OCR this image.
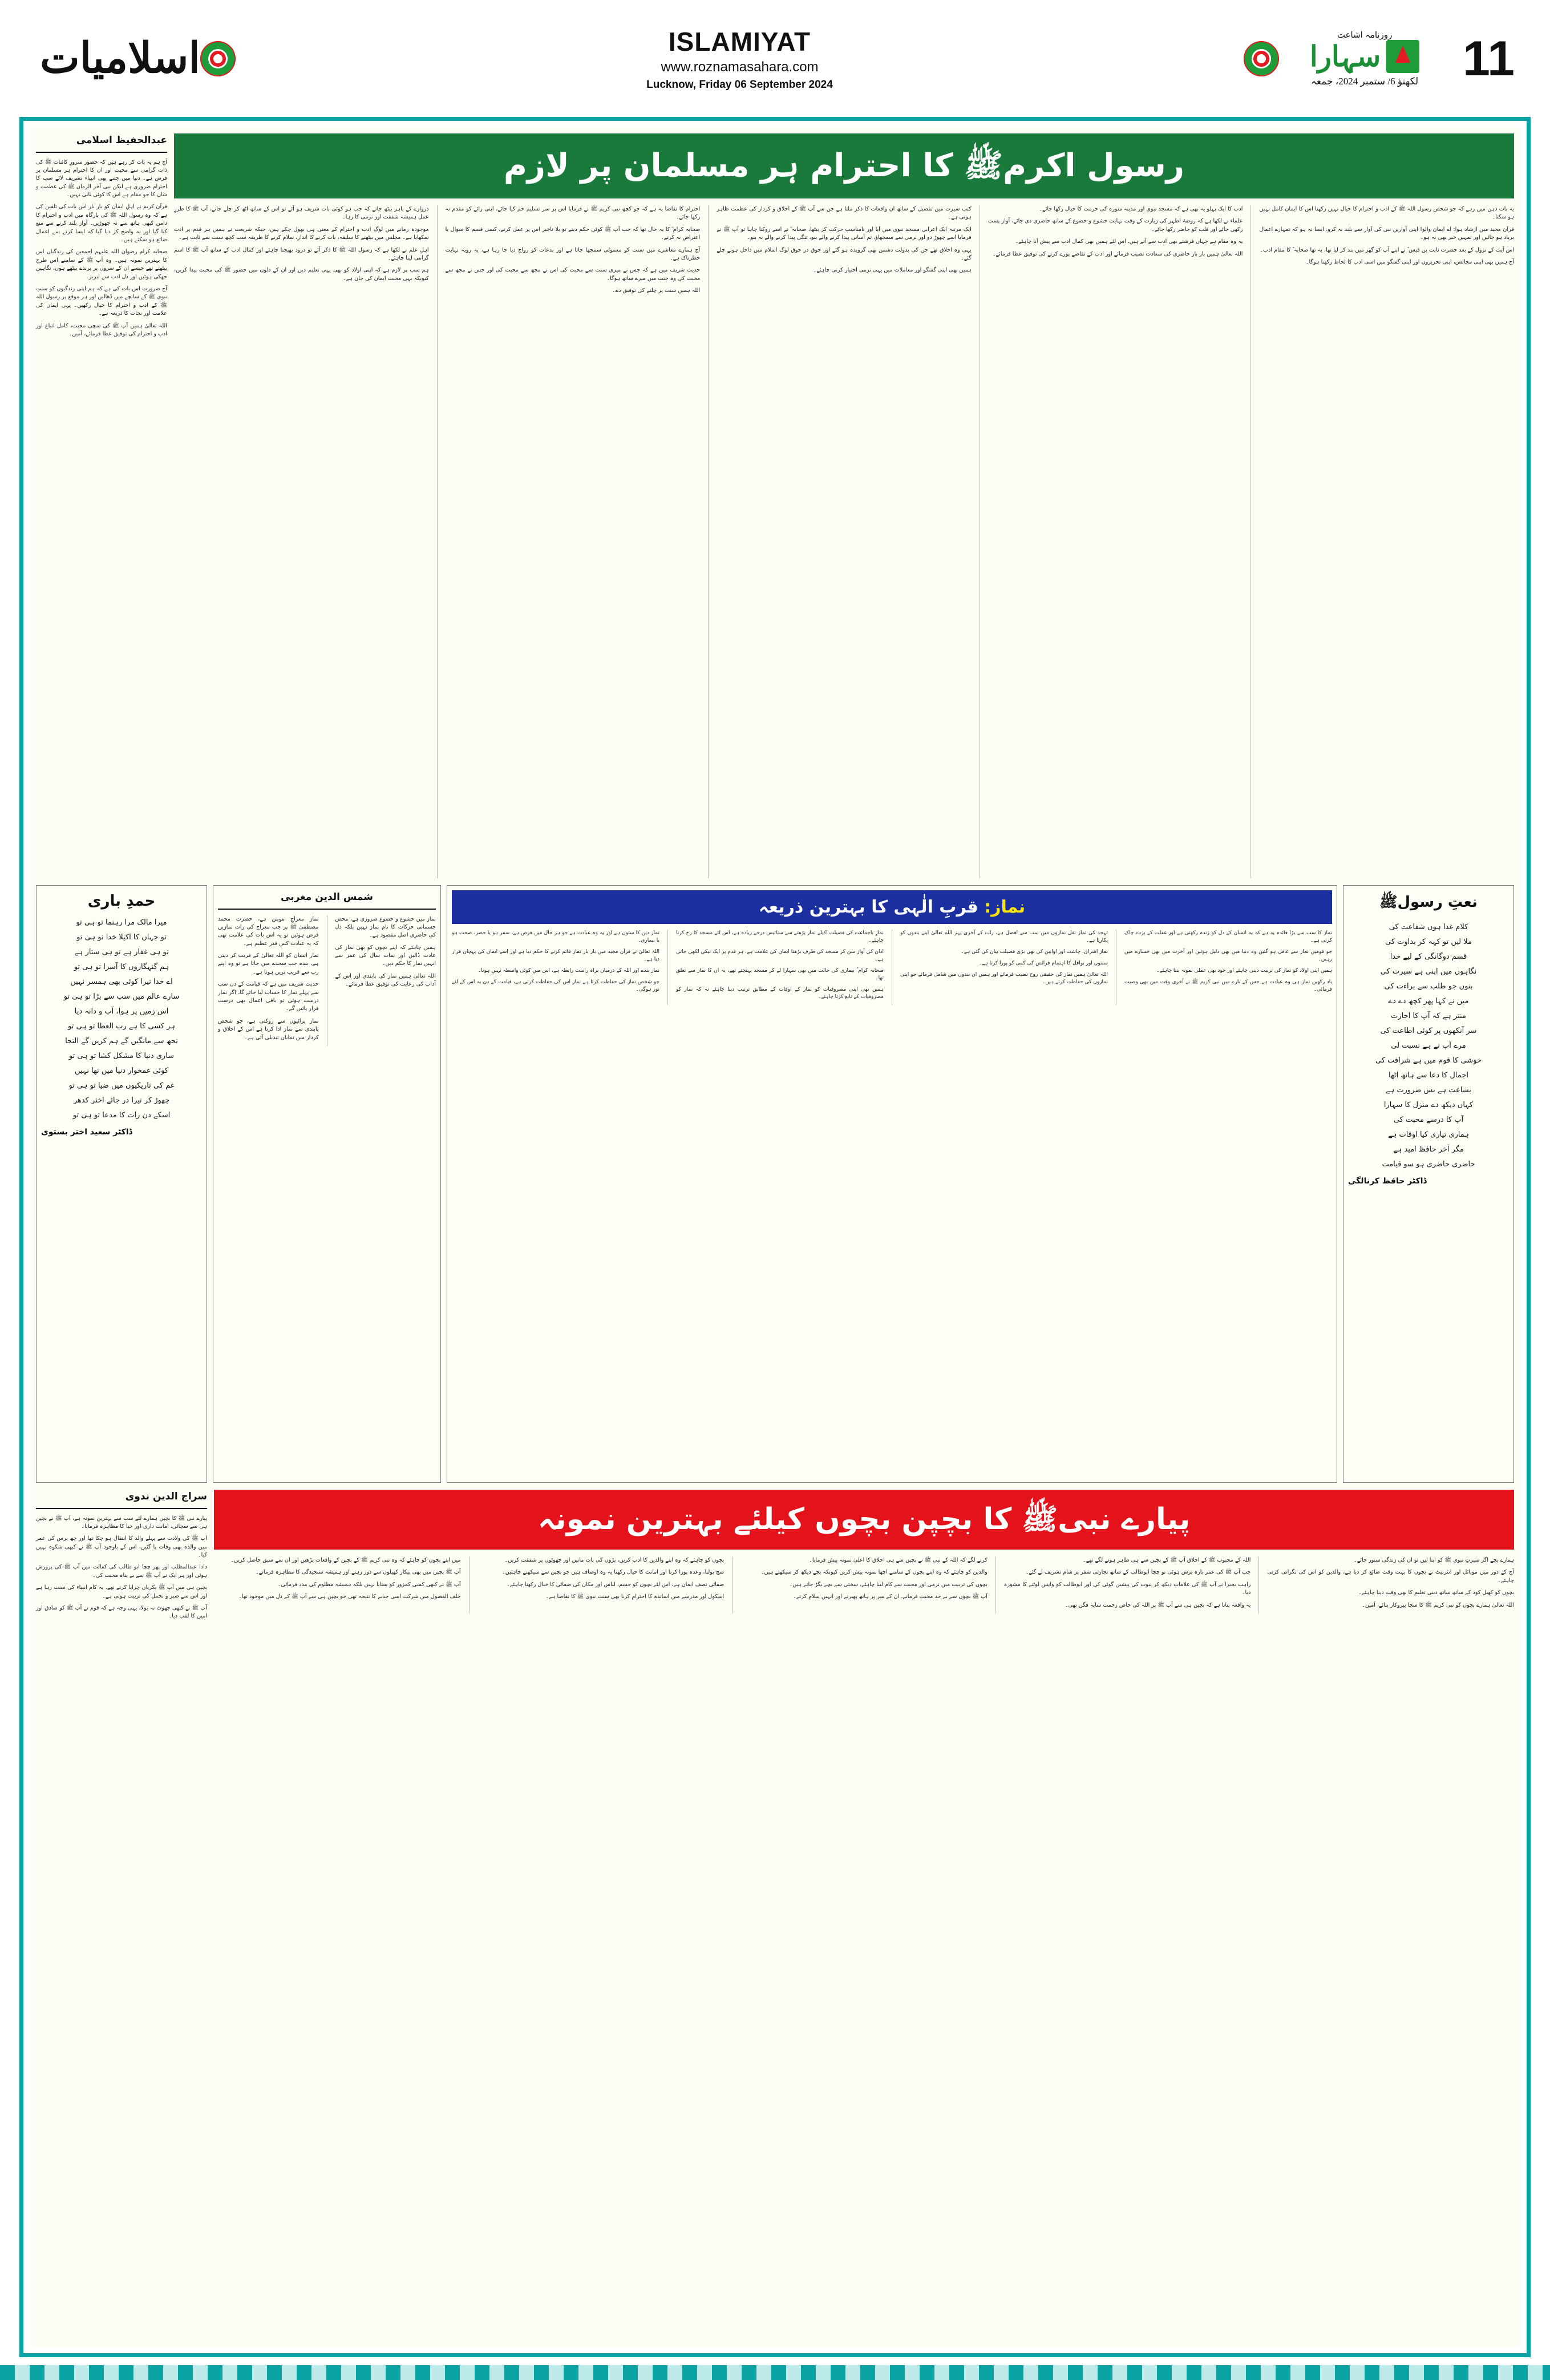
11
روزنامہ اشاعت
سہارا
لکھنؤ 6/ ستمبر 2024، جمعہ
ISLAMIYAT
www.roznamasahara.com
Lucknow, Friday 06 September 2024
اسلامیات
عبدالحفیظ اسلامی

آج ہم یہ بات کر رہے ہیں کہ حضور سرورِ کائنات ﷺ کی ذات گرامی سے محبت اور ان کا احترام ہر مسلمان پر فرض ہے۔ دنیا میں جتنے بھی انبیاء تشریف لائے سب کا احترام ضروری ہے لیکن نبی آخر الزماں ﷺ کی عظمت و شان کا جو مقام ہے اس کا کوئی ثانی نہیں۔

قرآن کریم نے اہلِ ایمان کو بار بار اس بات کی تلقین کی ہے کہ وہ رسول اللہ ﷺ کی بارگاہ میں ادب و احترام کا دامن کبھی ہاتھ سے نہ چھوڑیں۔ آواز بلند کرنے سے منع کیا گیا اور یہ واضح کر دیا گیا کہ ایسا کرنے سے اعمال ضائع ہو سکتے ہیں۔

صحابہ کرام رضوان اللہ علیہم اجمعین کی زندگیاں اس کا بہترین نمونہ ہیں۔ وہ آپ ﷺ کے سامنے اس طرح بیٹھتے تھے جیسے ان کے سروں پر پرندے بیٹھے ہوں، نگاہیں جھکی ہوئیں اور دل ادب سے لبریز۔

آج ضرورت اس بات کی ہے کہ ہم اپنی زندگیوں کو سنتِ نبوی ﷺ کے سانچے میں ڈھالیں اور ہر موقع پر رسول اللہ ﷺ کے ادب و احترام کا خیال رکھیں۔ یہی ایمان کی علامت اور نجات کا ذریعہ ہے۔

اللہ تعالیٰ ہمیں آپ ﷺ کی سچی محبت، کامل اتباع اور ادب و احترام کی توفیق عطا فرمائے، آمین۔

رسول اکرمﷺ کا احترام ہر مسلمان پر لازم

دروازے کے باہر بیٹھ جاتے کہ جب ہو کوئی بات شریف ہو آئے تو اس کے ساتھ اٹھ کر چلے جاتے، آپ ﷺ کا طرزِ عمل ہمیشہ شفقت اور نرمی کا رہا۔

موجودہ زمانے میں لوگ ادب و احترام کے معنی ہی بھول چکے ہیں، جبکہ شریعت نے ہمیں ہر قدم پر ادب سکھایا ہے۔ مجلس میں بیٹھنے کا سلیقہ، بات کرنے کا انداز، سلام کرنے کا طریقہ سب کچھ سنت سے ثابت ہے۔

اہلِ علم نے لکھا ہے کہ رسول اللہ ﷺ کا ذکر آئے تو درود بھیجنا چاہئے اور کمال ادب کے ساتھ آپ ﷺ کا اسم گرامی لینا چاہئے۔

ہم سب پر لازم ہے کہ اپنی اولاد کو بھی یہی تعلیم دیں اور ان کے دلوں میں حضور ﷺ کی محبت پیدا کریں، کیونکہ یہی محبت ایمان کی جان ہے۔

احترام کا تقاضا یہ ہے کہ جو کچھ نبی کریم ﷺ نے فرمایا اس پر سر تسلیم خم کیا جائے، اپنی رائے کو مقدم نہ رکھا جائے۔

صحابہ کرام ؓ کا یہ حال تھا کہ جب آپ ﷺ کوئی حکم دیتے تو بلا تاخیر اس پر عمل کرتے، کسی قسم کا سوال یا اعتراض نہ کرتے۔

آج ہمارے معاشرے میں سنت کو معمولی سمجھا جاتا ہے اور بدعات کو رواج دیا جا رہا ہے، یہ رویہ نہایت خطرناک ہے۔

حدیث شریف میں ہے کہ جس نے میری سنت سے محبت کی اس نے مجھ سے محبت کی اور جس نے مجھ سے محبت کی وہ جنت میں میرے ساتھ ہوگا۔

اللہ ہمیں سنت پر چلنے کی توفیق دے۔

کتب سیرت میں تفصیل کے ساتھ ان واقعات کا ذکر ملتا ہے جن سے آپ ﷺ کے اخلاق و کردار کی عظمت ظاہر ہوتی ہے۔

ایک مرتبہ ایک اعرابی مسجد نبوی میں آیا اور نامناسب حرکت کر بیٹھا، صحابہ ؓ نے اسے روکنا چاہا تو آپ ﷺ نے فرمایا اسے چھوڑ دو اور نرمی سے سمجھاؤ، تم آسانی پیدا کرنے والے بنو، تنگی پیدا کرنے والے نہ بنو۔

یہی وہ اخلاق تھے جن کی بدولت دشمن بھی گرویدہ ہو گئے اور جوق در جوق لوگ اسلام میں داخل ہوتے چلے گئے۔

ہمیں بھی اپنی گفتگو اور معاملات میں یہی نرمی اختیار کرنی چاہئے۔

ادب کا ایک پہلو یہ بھی ہے کہ مسجد نبوی اور مدینہ منورہ کی حرمت کا خیال رکھا جائے۔

علماء نے لکھا ہے کہ روضۂ اطہر کی زیارت کے وقت نہایت خشوع و خضوع کے ساتھ حاضری دی جائے، آواز پست رکھی جائے اور قلب کو حاضر رکھا جائے۔

یہ وہ مقام ہے جہاں فرشتے بھی ادب سے آتے ہیں، اس لئے ہمیں بھی کمال ادب سے پیش آنا چاہئے۔

اللہ تعالیٰ ہمیں بار بار حاضری کی سعادت نصیب فرمائے اور ادب کے تقاضے پورے کرنے کی توفیق عطا فرمائے۔

یہ بات ذہن میں رہے کہ جو شخص رسول اللہ ﷺ کے ادب و احترام کا خیال نہیں رکھتا اس کا ایمان کامل نہیں ہو سکتا۔

قرآن مجید میں ارشاد ہوا: اے ایمان والو! اپنی آوازیں نبی کی آواز سے بلند نہ کرو، ایسا نہ ہو کہ تمہارے اعمال برباد ہو جائیں اور تمہیں خبر بھی نہ ہو۔

اس آیت کے نزول کے بعد حضرت ثابت بن قیس ؓ نے اپنے آپ کو گھر میں بند کر لیا تھا، یہ تھا صحابہ ؓ کا مقام ادب۔

آج ہمیں بھی اپنی مجالس، اپنی تحریروں اور اپنی گفتگو میں اسی ادب کا لحاظ رکھنا ہوگا۔

حمدِ باری
میرا مالک مرا رہنما تو ہی تو
تو جہاں کا اکیلا خدا تو ہی تو
تو ہی غفار ہے تو ہی ستار ہے
ہم گنہگاروں کا آسرا تو ہی تو
اے خدا تیرا کوئی بھی ہمسر نہیں
سارے عالم میں سب سے بڑا تو ہی تو
اس زمیں پر ہوا، آب و دانہ دیا
ہر کسی کا ہے رب العطا تو ہی تو
تجھ سے مانگیں گے ہم کریں گے التجا
ساری دنیا کا مشکل کشا تو ہی تو
کوئی غمخوار دنیا میں تھا نہیں
غم کی تاریکیوں میں ضیا تو ہی تو
چھوڑ کر تیرا در جائے اختر کدھر
اسکے دن رات کا مدعا تو ہی تو
ڈاکٹر سعید اختر بستوی
شمس الدین مغربی

نماز معراجِ مومن ہے، حضرت محمد مصطفیٰ ﷺ پر جب معراج کی رات نمازیں فرض ہوئیں تو یہ اس بات کی علامت تھی کہ یہ عبادت کس قدر عظیم ہے۔

نماز انسان کو اللہ تعالیٰ کے قریب کر دیتی ہے، بندہ جب سجدے میں جاتا ہے تو وہ اپنے رب سے قریب ترین ہوتا ہے۔

حدیث شریف میں ہے کہ قیامت کے دن سب سے پہلے نماز کا حساب لیا جائے گا، اگر نماز درست ہوئی تو باقی اعمال بھی درست قرار پائیں گے۔

نماز برائیوں سے روکتی ہے، جو شخص پابندی سے نماز ادا کرتا ہے اس کے اخلاق و کردار میں نمایاں تبدیلی آتی ہے۔

نماز میں خشوع و خضوع ضروری ہے، محض جسمانی حرکات کا نام نماز نہیں بلکہ دل کی حاضری اصل مقصود ہے۔

ہمیں چاہئے کہ اپنے بچوں کو بھی نماز کی عادت ڈالیں اور سات سال کی عمر سے انہیں نماز کا حکم دیں۔

اللہ تعالیٰ ہمیں نماز کی پابندی اور اس کے آداب کی رعایت کی توفیق عطا فرمائے۔

نماز: قربِ الٰہی کا بہترین ذریعہ

نماز دین کا ستون ہے اور یہ وہ عبادت ہے جو ہر حال میں فرض ہے، سفر ہو یا حضر، صحت ہو یا بیماری۔

اللہ تعالیٰ نے قرآن مجید میں بار بار نماز قائم کرنے کا حکم دیا ہے اور اسے ایمان کی پہچان قرار دیا ہے۔

نماز بندے اور اللہ کے درمیان براہ راست رابطہ ہے، اس میں کوئی واسطہ نہیں ہوتا۔

جو شخص نماز کی حفاظت کرتا ہے نماز اس کی حفاظت کرتی ہے، قیامت کے دن یہ اس کے لئے نور ہوگی۔

نمازِ باجماعت کی فضیلت اکیلے نماز پڑھنے سے ستائیس درجے زیادہ ہے، اس لئے مسجد کا رخ کرنا چاہئے۔

اذان کی آواز سن کر مسجد کی طرف بڑھنا ایمان کی علامت ہے، ہر قدم پر ایک نیکی لکھی جاتی ہے۔

صحابہ کرام ؓ بیماری کی حالت میں بھی سہارا لے کر مسجد پہنچتے تھے، یہ ان کا نماز سے تعلق تھا۔

ہمیں بھی اپنی مصروفیات کو نماز کے اوقات کے مطابق ترتیب دینا چاہئے نہ کہ نماز کو مصروفیات کے تابع کرنا چاہئے۔

تہجد کی نماز نفل نمازوں میں سب سے افضل ہے، رات کے آخری پہر اللہ تعالیٰ اپنے بندوں کو پکارتا ہے۔

نماز اشراق، چاشت اور اوابین کی بھی بڑی فضیلت بیان کی گئی ہے۔

سنتوں اور نوافل کا اہتمام فرائض کی کمی کو پورا کرتا ہے۔

اللہ تعالیٰ ہمیں نماز کی حقیقی روح نصیب فرمائے اور ہمیں ان بندوں میں شامل فرمائے جو اپنی نمازوں کی حفاظت کرتے ہیں۔

نماز کا سب سے بڑا فائدہ یہ ہے کہ یہ انسان کے دل کو زندہ رکھتی ہے اور غفلت کے پردے چاک کرتی ہے۔

جو قومیں نماز سے غافل ہو گئیں وہ دنیا میں بھی ذلیل ہوئیں اور آخرت میں بھی خسارے میں رہیں۔

ہمیں اپنی اولاد کو نماز کی تربیت دینی چاہئے اور خود بھی عملی نمونہ بننا چاہئے۔

یاد رکھیں نماز ہی وہ عبادت ہے جس کے بارے میں نبی کریم ﷺ نے آخری وقت میں بھی وصیت فرمائی۔

نعتِ رسولﷺ
کلام غدا ہوں شفاعت کی
ملا لیں تو کہہ کر بداوت کی
قسم دوگانگی کے لیے خدا
نگاہوں میں اپنی ہے سیرت کی
بنوں جو طلب سے براءت کی
میں نے کہا پھر کچھ دے دے
منتر ہے کہ آپ کا اجازت
سر آنکھوں پر کوئی اطاعت کی
مرے آپ نے ہے نسبت لی
خوشی کا قوم میں ہے شرافت کی
اجمال کا دعا سے ہاتھ اٹھا
بشاعت ہے بس ضرورت ہے
کہاں دیکھ دے منزل کا سہارا
آپ کا درسے محبت کی
ہماری تیاری کیا اوقات ہے
مگر آخر حافظ امید ہے
حاضری حاضری ہو سو قیامت
ڈاکٹر حافظ کرنالگی
سراج الدین ندوی

پیارے نبی ﷺ کا بچپن ہمارے لئے سب سے بہترین نمونہ ہے، آپ ﷺ نے بچپن ہی سے سچائی، امانت داری اور حیا کا مظاہرہ فرمایا۔

آپ ﷺ کی ولادت سے پہلے والد کا انتقال ہو چکا تھا اور چھ برس کی عمر میں والدہ بھی وفات پا گئیں، اس کے باوجود آپ ﷺ نے کبھی شکوہ نہیں کیا۔

دادا عبدالمطلب اور پھر چچا ابو طالب کی کفالت میں آپ ﷺ کی پرورش ہوئی اور ہر ایک نے آپ ﷺ سے بے پناہ محبت کی۔

بچپن ہی میں آپ ﷺ بکریاں چرایا کرتے تھے، یہ کام انبیاء کی سنت رہا ہے اور اس سے صبر و تحمل کی تربیت ہوتی ہے۔

آپ ﷺ نے کبھی جھوٹ نہ بولا، یہی وجہ ہے کہ قوم نے آپ ﷺ کو صادق اور امین کا لقب دیا۔

پیارے نبیﷺ کا بچپن بچوں کیلئے بہترین نمونہ

میں اپنے بچوں کو چاہئے کہ وہ نبی کریم ﷺ کے بچپن کے واقعات پڑھیں اور ان سے سبق حاصل کریں۔

آپ ﷺ بچپن میں بھی بیکار کھیلوں سے دور رہتے اور ہمیشہ سنجیدگی کا مظاہرہ فرماتے۔

آپ ﷺ نے کبھی کسی کمزور کو ستایا نہیں بلکہ ہمیشہ مظلوم کی مدد فرمائی۔

حلف الفضول میں شرکت اسی جذبے کا نتیجہ تھی جو بچپن ہی سے آپ ﷺ کے دل میں موجود تھا۔

بچوں کو چاہئے کہ وہ اپنے والدین کا ادب کریں، بڑوں کی بات مانیں اور چھوٹوں پر شفقت کریں۔

سچ بولنا، وعدہ پورا کرنا اور امانت کا خیال رکھنا یہ وہ اوصاف ہیں جو بچپن سے سیکھنے چاہئیں۔

صفائی نصف ایمان ہے، اس لئے بچوں کو جسم، لباس اور مکان کی صفائی کا خیال رکھنا چاہئے۔

اسکول اور مدرسے میں اساتذہ کا احترام کرنا بھی سنت نبوی ﷺ کا تقاضا ہے۔

کرنے لگے کہ اللہ کے نبی ﷺ نے بچپن سے ہی اخلاق کا اعلیٰ نمونہ پیش فرمایا۔

والدین کو چاہئے کہ وہ اپنے بچوں کے سامنے اچھا نمونہ پیش کریں کیونکہ بچے دیکھ کر سیکھتے ہیں۔

بچوں کی تربیت میں نرمی اور محبت سے کام لینا چاہئے، سختی سے بچے بگڑ جاتے ہیں۔

آپ ﷺ بچوں سے بے حد محبت فرماتے، ان کے سر پر ہاتھ پھیرتے اور انہیں سلام کرتے۔

اللہ کے محبوب ﷺ کے اخلاق آپ ﷺ کے بچپن سے ہی ظاہر ہونے لگے تھے۔

جب آپ ﷺ کی عمر بارہ برس ہوئی تو چچا ابوطالب کے ساتھ تجارتی سفر پر شام تشریف لے گئے۔

راہب بحیرا نے آپ ﷺ کی علامات دیکھ کر نبوت کی پیشین گوئی کی اور ابوطالب کو واپس لوٹنے کا مشورہ دیا۔

یہ واقعہ بتاتا ہے کہ بچپن ہی سے آپ ﷺ پر اللہ کی خاص رحمت سایہ فگن تھی۔

ہمارے بچے اگر سیرتِ نبوی ﷺ کو اپنا لیں تو ان کی زندگی سنور جائے۔

آج کے دور میں موبائل اور انٹرنیٹ نے بچوں کا بہت وقت ضائع کر دیا ہے، والدین کو اس کی نگرانی کرنی چاہئے۔

بچوں کو کھیل کود کے ساتھ ساتھ دینی تعلیم کا بھی وقت دینا چاہئے۔

اللہ تعالیٰ ہمارے بچوں کو نبی کریم ﷺ کا سچا پیروکار بنائے، آمین۔
